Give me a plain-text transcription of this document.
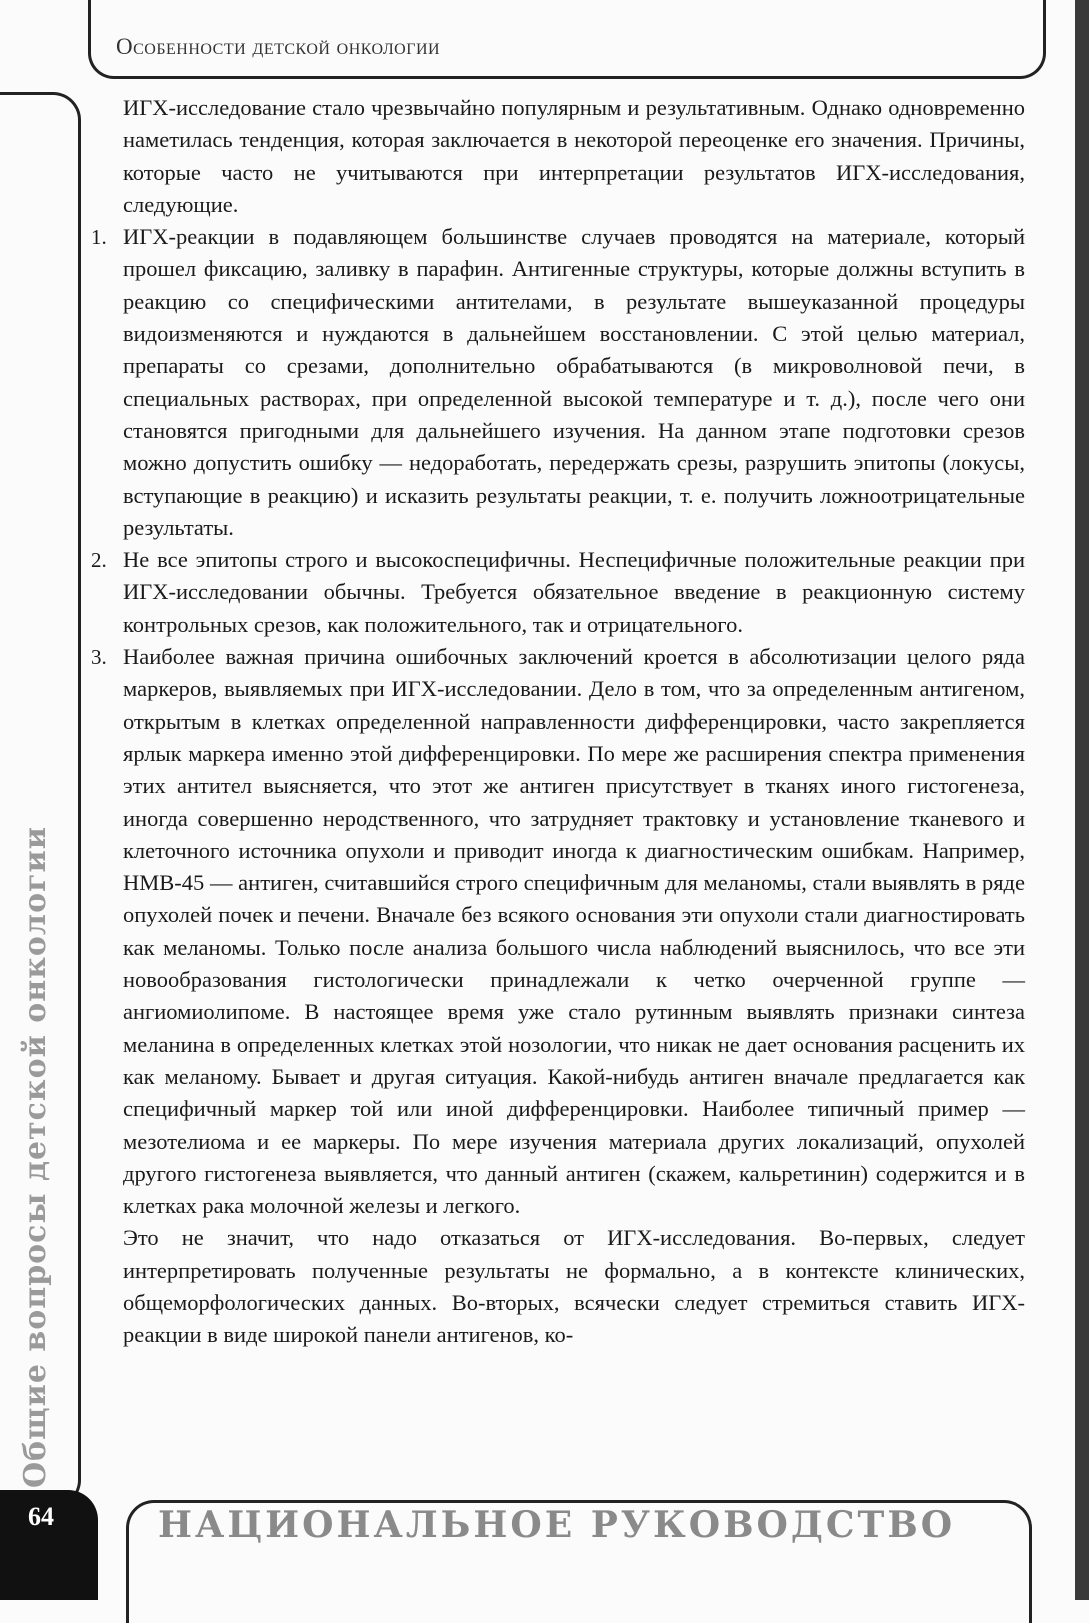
Особенности детской онкологии
Общие вопросы детской онкологии

ИГХ-исследование стало чрезвычайно популярным и результативным. Однако одновременно наметилась тенденция, которая заключается в некоторой переоценке его значения. Причины, которые часто не учитываются при интерпретации результатов ИГХ-исследования, следующие.

1. ИГХ-реакции в подавляющем большинстве случаев проводятся на материале, который прошел фиксацию, заливку в парафин. Антигенные структуры, которые должны вступить в реакцию со специфическими антителами, в результате вышеуказанной процедуры видоизменяются и нуждаются в дальнейшем восстановлении. С этой целью материал, препараты со срезами, дополнительно обрабатываются (в микроволновой печи, в специальных растворах, при определенной высокой температуре и т. д.), после чего они становятся пригодными для дальнейшего изучения. На данном этапе подготовки срезов можно допустить ошибку — недоработать, передержать срезы, разрушить эпитопы (локусы, вступающие в реакцию) и исказить результаты реакции, т. е. получить ложноотрицательные результаты.

2. Не все эпитопы строго и высокоспецифичны. Неспецифичные положительные реакции при ИГХ-исследовании обычны. Требуется обязательное введение в реакционную систему контрольных срезов, как положительного, так и отрицательного.

3. Наиболее важная причина ошибочных заключений кроется в абсолютизации целого ряда маркеров, выявляемых при ИГХ-исследовании. Дело в том, что за определенным антигеном, открытым в клетках определенной направленности дифференцировки, часто закрепляется ярлык маркера именно этой дифференцировки. По мере же расширения спектра применения этих антител выясняется, что этот же антиген присутствует в тканях иного гистогенеза, иногда совершенно неродственного, что затрудняет трактовку и установление тканевого и клеточного источника опухоли и приводит иногда к диагностическим ошибкам. Например, НМВ-45 — антиген, считавшийся строго специфичным для меланомы, стали выявлять в ряде опухолей почек и печени. Вначале без всякого основания эти опухоли стали диагностировать как меланомы. Только после анализа большого числа наблюдений выяснилось, что все эти новообразования гистологически принадлежали к четко очерченной группе — ангиомиолипоме. В настоящее время уже стало рутинным выявлять признаки синтеза меланина в определенных клетках этой нозологии, что никак не дает основания расценить их как меланому. Бывает и другая ситуация. Какой-нибудь антиген вначале предлагается как специфичный маркер той или иной дифференцировки. Наиболее типичный пример — мезотелиома и ее маркеры. По мере изучения материала других локализаций, опухолей другого гистогенеза выявляется, что данный антиген (скажем, кальретинин) содержится и в клетках рака молочной железы и легкого.

Это не значит, что надо отказаться от ИГХ-исследования. Во-первых, следует интерпретировать полученные результаты не формально, а в контексте клинических, общеморфологических данных. Во-вторых, всячески следует стремиться ставить ИГХ-реакции в виде широкой панели антигенов, ко-

64	НАЦИОНАЛЬНОЕ РУКОВОДСТВО
